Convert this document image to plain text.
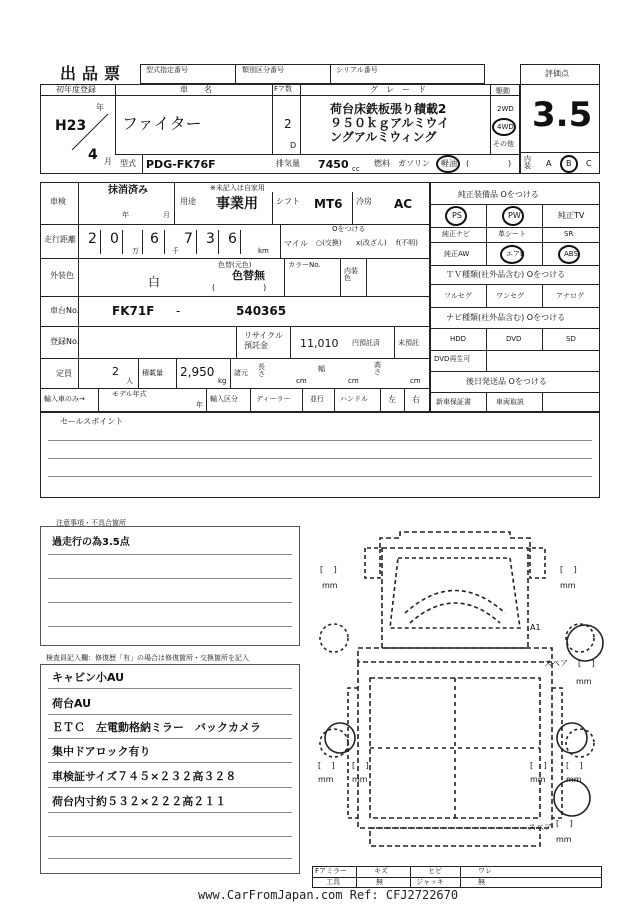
出品票	型式指定番号	類別区分番号	シリアル番号	評価点
3.5
初年度登録
H23
年
4 月
車　　名
ファイター
Fア数
2
D
グ　レ　ー　ド
荷台床鉄板張り積載2
９５０ｋｇアルミウイ
ングアルミウィング
駆動
2WD
4WD
その他
型式 PDG-FK76F	排気量 7450 cc
燃料 ガソリン 軽油 (	) 内装 A B C
車検
抹消済み
年	月
※未記入は自家用
用途 事業用 シフト MT6 冷房 AC
走行距離 2 0
万
6
千
7 3 6
km
マイル
Oをつける
○(交換) x(改ざん) f(不明)
外装色	白
色替(元色)
色替無
(　　　　　　)
カラーNo.
内装色
車台No.	FK71F -	540365
登録No.
リサイクル預託金	11,010 円預託済	未預託
定員	2
人
積載量 2,950
kg
諸元
長さ
cm
幅
cm
高さ
cm
輸入車のみ→
モデル年式
年
輸入区分	ディーラー	並行 ハンドル	左 右
純正装備品 Oをつける
PS	PW	純正TV
純正ナビ	革シート	SR
純正AW	エアB	ABS
ＴＶ種類(社外品含む) Oをつける
フルセグ	ワンセグ	アナログ
ナビ種類(社外品含む) Oをつける
HDD	DVD	SD
DVD再生可
後日発送品 Oをつける
新車保証書	車両取説
セールスポイント
注意事項・不具合箇所
過走行の為3.5点
検査員記入欄：修復歴「有」の場合は修復箇所・交換箇所を記入
キャビン小AU
荷台AU
ＥＴＣ　左電動格納ミラー　バックカメラ
集中ドアロック有り
車検証サイズ７４５×２３２高３２８
荷台内寸約５３２×２２２高２１１
[　 ]
mm
[　 ]
mm
A1
スペア [　 ]
mm
[　 ]
mm
[　 ]
mm
[　 ]
mm
[　 ]
mm
スペア [　 ]
mm
Fアミラー	キズ	ヒビ	ワレ
工具	無	ジャッキ	無
www.CarFromJapan.com Ref: CFJ2722670
